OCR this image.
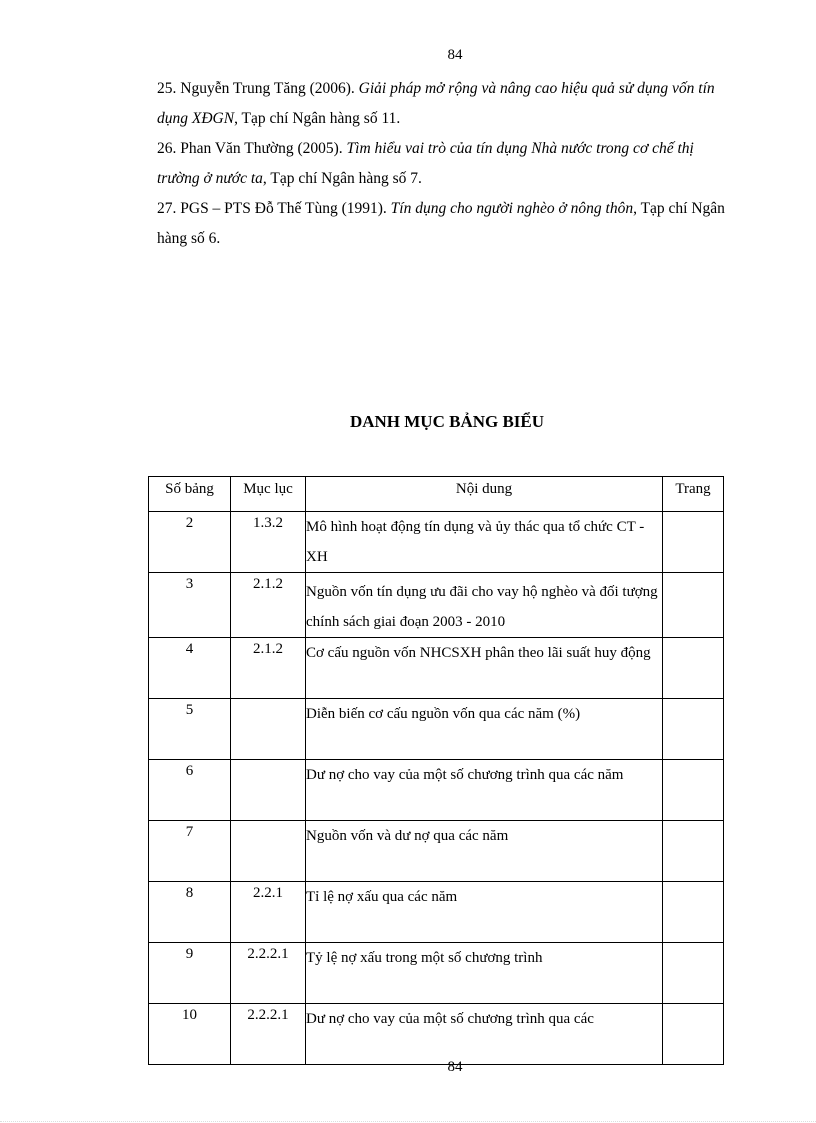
84

25. Nguyễn Trung Tăng (2006). Giải pháp mở rộng và nâng cao hiệu quả sử dụng vốn tín dụng XĐGN, Tạp chí Ngân hàng số 11.

26. Phan Văn Thường (2005). Tìm hiểu vai trò của tín dụng Nhà nước trong cơ chế thị trường ở nước ta, Tạp chí Ngân hàng số 7.

27. PGS – PTS Đỗ Thế Tùng (1991). Tín dụng cho người nghèo ở nông thôn, Tạp chí Ngân hàng số 6.

DANH MỤC BẢNG BIỂU
Số bảng	Mục lục	Nội dung	Trang
2	1.3.2	Mô hình hoạt động tín dụng và ủy thác qua tổ chức CT - XH	
3	2.1.2	Nguồn vốn tín dụng ưu đãi cho vay hộ nghèo và đối tượng chính sách giai đoạn 2003 - 2010	
4	2.1.2	Cơ cấu nguồn vốn NHCSXH phân theo lãi suất huy động	
5		Diễn biến cơ cấu nguồn vốn qua các năm (%)	
6		Dư nợ cho vay của một số chương trình qua các năm	
7		Nguồn vốn và dư nợ qua các năm	
8	2.2.1	Tỉ lệ nợ xấu qua các năm	
9	2.2.2.1	Tỷ lệ nợ xấu trong một số chương trình	
10	2.2.2.1	Dư nợ cho vay của một số chương trình qua các	
84
